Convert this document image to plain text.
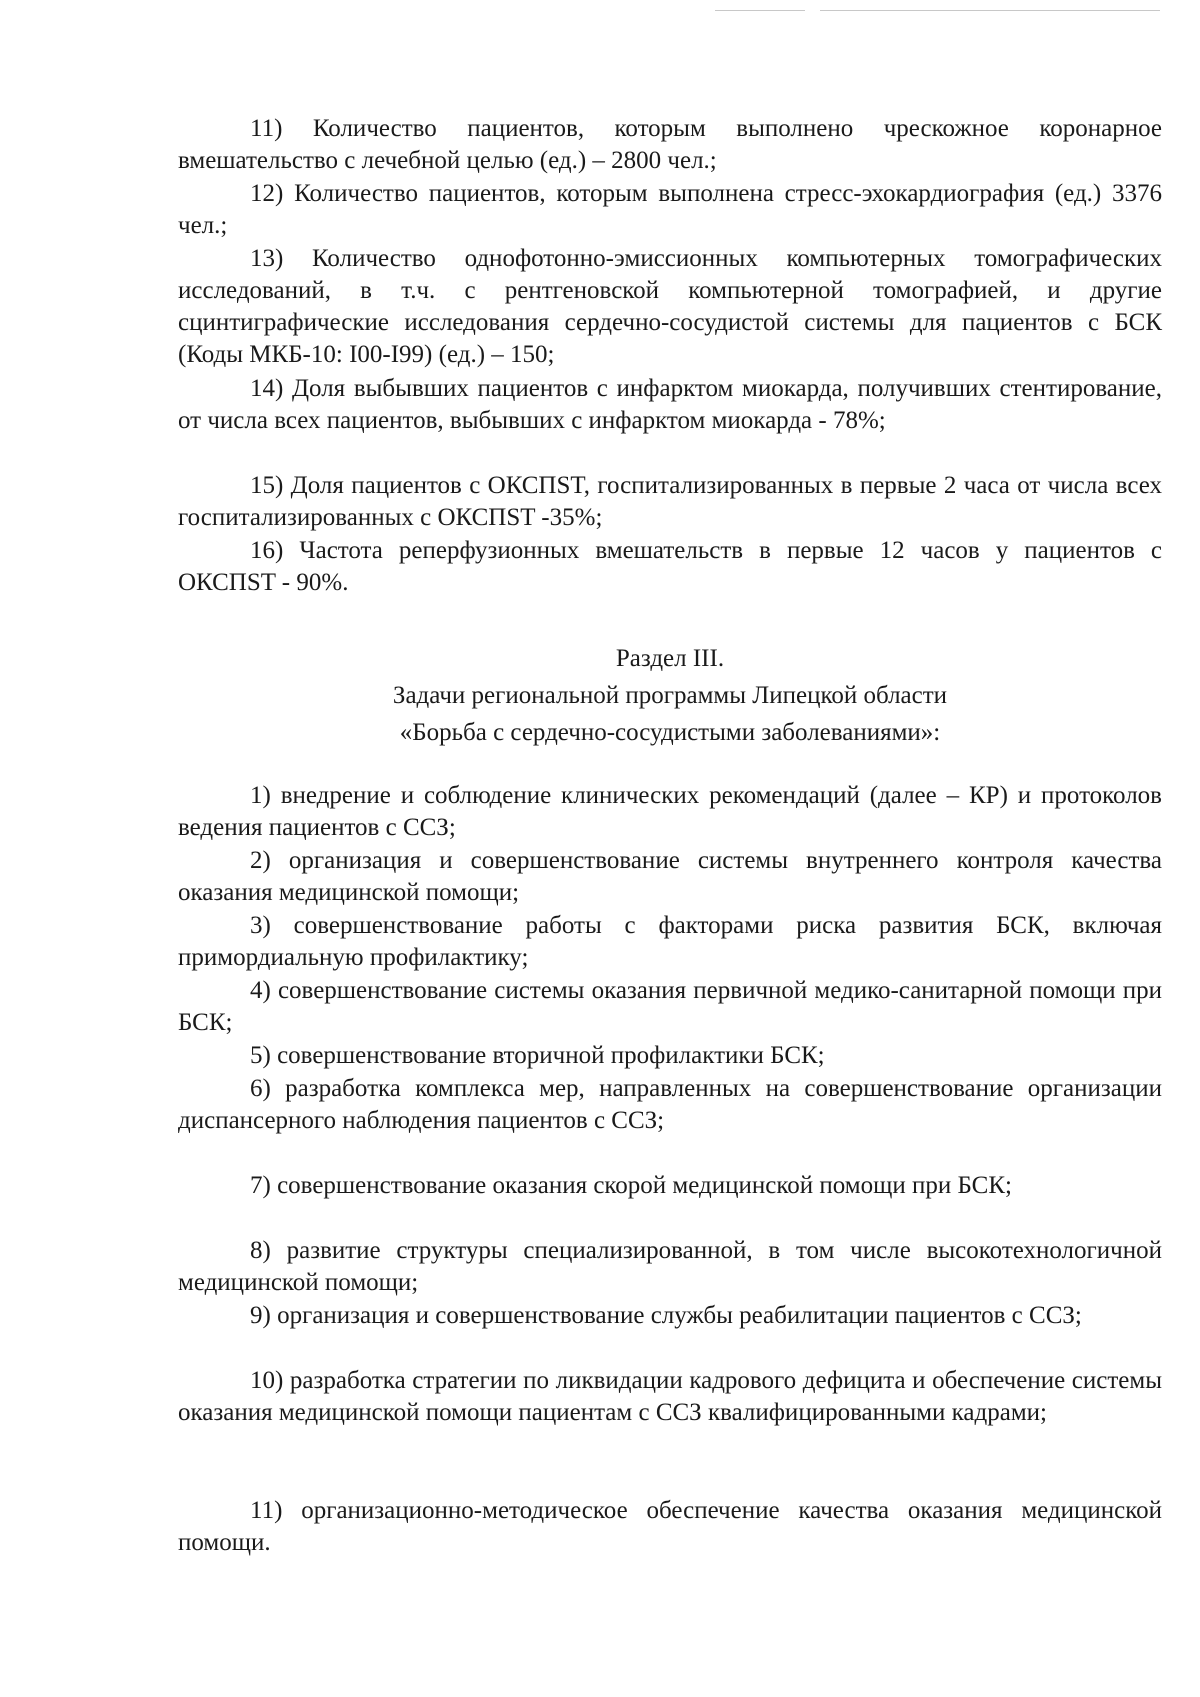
11) Количество пациентов, которым выполнено чрескожное коронарное вмешательство с лечебной целью (ед.) – 2800 чел.;

12) Количество пациентов, которым выполнена стресс-эхокардиография (ед.) 3376 чел.;

13) Количество однофотонно-эмиссионных компьютерных томографических исследований, в т.ч. с рентгеновской компьютерной томографией, и другие сцинтиграфические исследования сердечно-сосудистой системы для пациентов с БСК (Коды МКБ-10: I00-I99) (ед.) – 150;

14) Доля выбывших пациентов с инфарктом миокарда, получивших стентирование, от числа всех пациентов, выбывших с инфарктом миокарда - 78%;

15) Доля пациентов с ОКСПST, госпитализированных в первые 2 часа от числа всех госпитализированных с ОКСПST -35%;

16) Частота реперфузионных вмешательств в первые 12 часов у пациентов с ОКСПST - 90%.

Раздел III.
Задачи региональной программы Липецкой области
«Борьба с сердечно-сосудистыми заболеваниями»:

1) внедрение и соблюдение клинических рекомендаций (далее – КР) и протоколов ведения пациентов с ССЗ;

2) организация и совершенствование системы внутреннего контроля качества оказания медицинской помощи;

3) совершенствование работы с факторами риска развития БСК, включая примордиальную профилактику;

4) совершенствование системы оказания первичной медико-санитарной помощи при БСК;

5) совершенствование вторичной профилактики БСК;

6) разработка комплекса мер, направленных на совершенствование организации диспансерного наблюдения пациентов с ССЗ;

7) совершенствование оказания скорой медицинской помощи при БСК;

8) развитие структуры специализированной, в том числе высокотехнологичной медицинской помощи;

9) организация и совершенствование службы реабилитации пациентов с ССЗ;

10) разработка стратегии по ликвидации кадрового дефицита и обеспечение системы оказания медицинской помощи пациентам с ССЗ квалифицированными кадрами;

11) организационно-методическое обеспечение качества оказания медицинской помощи.
